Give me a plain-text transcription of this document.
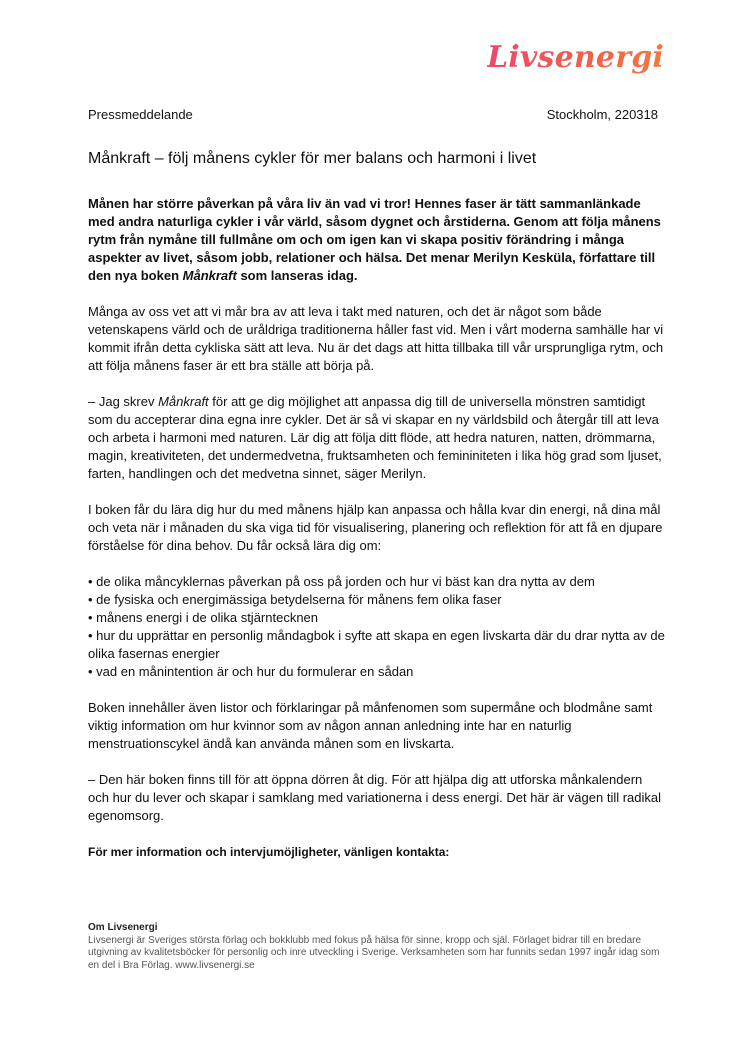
Livsenergi
Pressmeddelande	Stockholm, 220318
Månkraft – följ månens cykler för mer balans och harmoni i livet

Månen har större påverkan på våra liv än vad vi tror! Hennes faser är tätt sammanlänkade med andra naturliga cykler i vår värld, såsom dygnet och årstiderna. Genom att följa månens rytm från nymåne till fullmåne om och om igen kan vi skapa positiv förändring i många aspekter av livet, såsom jobb, relationer och hälsa. Det menar Merilyn Kesküla, författare till den nya boken Månkraft som lanseras idag.

Många av oss vet att vi mår bra av att leva i takt med naturen, och det är något som både vetenskapens värld och de uråldriga traditionerna håller fast vid. Men i vårt moderna samhälle har vi kommit ifrån detta cykliska sätt att leva. Nu är det dags att hitta tillbaka till vår ursprungliga rytm, och att följa månens faser är ett bra ställe att börja på.

– Jag skrev Månkraft för att ge dig möjlighet att anpassa dig till de universella mönstren samtidigt som du accepterar dina egna inre cykler. Det är så vi skapar en ny världsbild och återgår till att leva och arbeta i harmoni med naturen. Lär dig att följa ditt flöde, att hedra naturen, natten, drömmarna, magin, kreativiteten, det undermedvetna, fruktsamheten och femininiteten i lika hög grad som ljuset, farten, handlingen och det medvetna sinnet, säger Merilyn.

I boken får du lära dig hur du med månens hjälp kan anpassa och hålla kvar din energi, nå dina mål och veta när i månaden du ska viga tid för visualisering, planering och reflektion för att få en djupare förståelse för dina behov. Du får också lära dig om:

• de olika måncyklernas påverkan på oss på jorden och hur vi bäst kan dra nytta av dem
• de fysiska och energimässiga betydelserna för månens fem olika faser
• månens energi i de olika stjärntecknen
• hur du upprättar en personlig måndagbok i syfte att skapa en egen livskarta där du drar nytta av de olika fasernas energier
• vad en månintention är och hur du formulerar en sådan

Boken innehåller även listor och förklaringar på månfenomen som supermåne och blodmåne samt viktig information om hur kvinnor som av någon annan anledning inte har en naturlig menstruationscykel ändå kan använda månen som en livskarta.

– Den här boken finns till för att öppna dörren åt dig. För att hjälpa dig att utforska månkalendern och hur du lever och skapar i samklang med variationerna i dess energi. Det här är vägen till radikal egenomsorg.

För mer information och intervjumöjligheter, vänligen kontakta:

Om Livsenergi
Livsenergi är Sveriges största förlag och bokklubb med fokus på hälsa för sinne, kropp och själ. Förlaget bidrar till en bredare utgivning av kvalitetsböcker för personlig och inre utveckling i Sverige. Verksamheten som har funnits sedan 1997 ingår idag som en del i Bra Förlag. www.livsenergi.se
